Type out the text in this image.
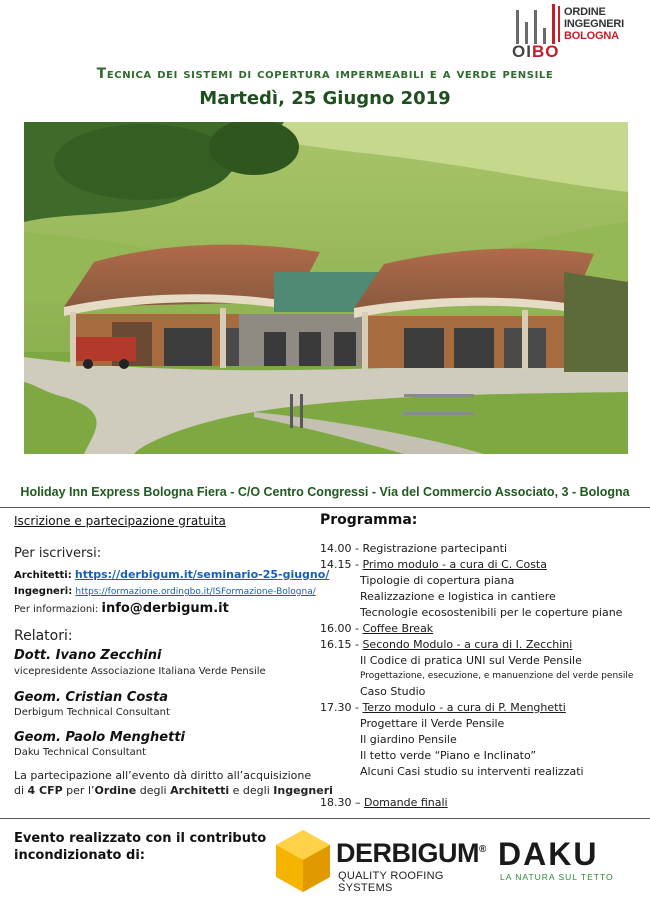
OIBO
ORDINE
INGEGNERI
BOLOGNA
Tecnica dei sistemi di copertura impermeabili e a verde pensile
Martedì, 25 Giugno 2019
Holiday Inn Express Bologna Fiera - C/O Centro Congressi - Via del Commercio Associato, 3 - Bologna
Iscrizione e partecipazione gratuita
Per iscriversi:
Architetti: https://derbigum.it/seminario-25-giugno/
Ingegneri: https://formazione.ordingbo.it/ISFormazione-Bologna/
Per informazioni: info@derbigum.it
Relatori:
Dott. Ivano Zecchini
vicepresidente Associazione Italiana Verde Pensile
Geom. Cristian Costa
Derbigum Technical Consultant
Geom. Paolo Menghetti
Daku Technical Consultant
La partecipazione all’evento dà diritto all’acquisizione
di 4 CFP per l’Ordine degli Architetti e degli Ingegneri
Programma:
14.00 - Registrazione partecipanti
14.15 - Primo modulo - a cura di C. Costa
Tipologie di copertura piana
Realizzazione e logistica in cantiere
Tecnologie ecosostenibili per le coperture piane
16.00 - Coffee Break
16.15 - Secondo Modulo - a cura di I. Zecchini
Il Codice di pratica UNI sul Verde Pensile
Progettazione, esecuzione, e manuenzione del verde pensile
Caso Studio
17.30 - Terzo modulo - a cura di P. Menghetti
Progettare il Verde Pensile
Il giardino Pensile
Il tetto verde “Piano e Inclinato”
Alcuni Casi studio su interventi realizzati
18.30 – Domande finali
Evento realizzato con il contributo
incondizionato di:	DERBIGUM®
QUALITY ROOFING SYSTEMS
DAKU
LA NATURA SUL TETTO
